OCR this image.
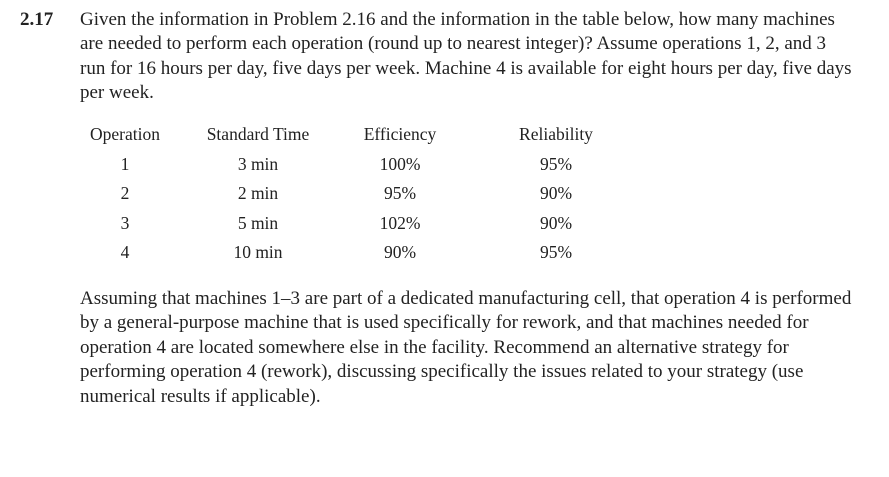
2.17 Given the information in Problem 2.16 and the information in the table below, how many machines are needed to perform each operation (round up to nearest integer)? Assume operations 1, 2, and 3 run for 16 hours per day, five days per week. Machine 4 is available for eight hours per day, five days per week.

Operation	Standard Time	Efficiency	Reliability
1	3 min	100%	95%
2	2 min	95%	90%
3	5 min	102%	90%
4	10 min	90%	95%

Assuming that machines 1–3 are part of a dedicated manufacturing cell, that operation 4 is performed by a general-purpose machine that is used specifically for rework, and that machines needed for operation 4 are located somewhere else in the facility. Recommend an alternative strategy for performing operation 4 (rework), discussing specifically the issues related to your strategy (use numerical results if applicable).
